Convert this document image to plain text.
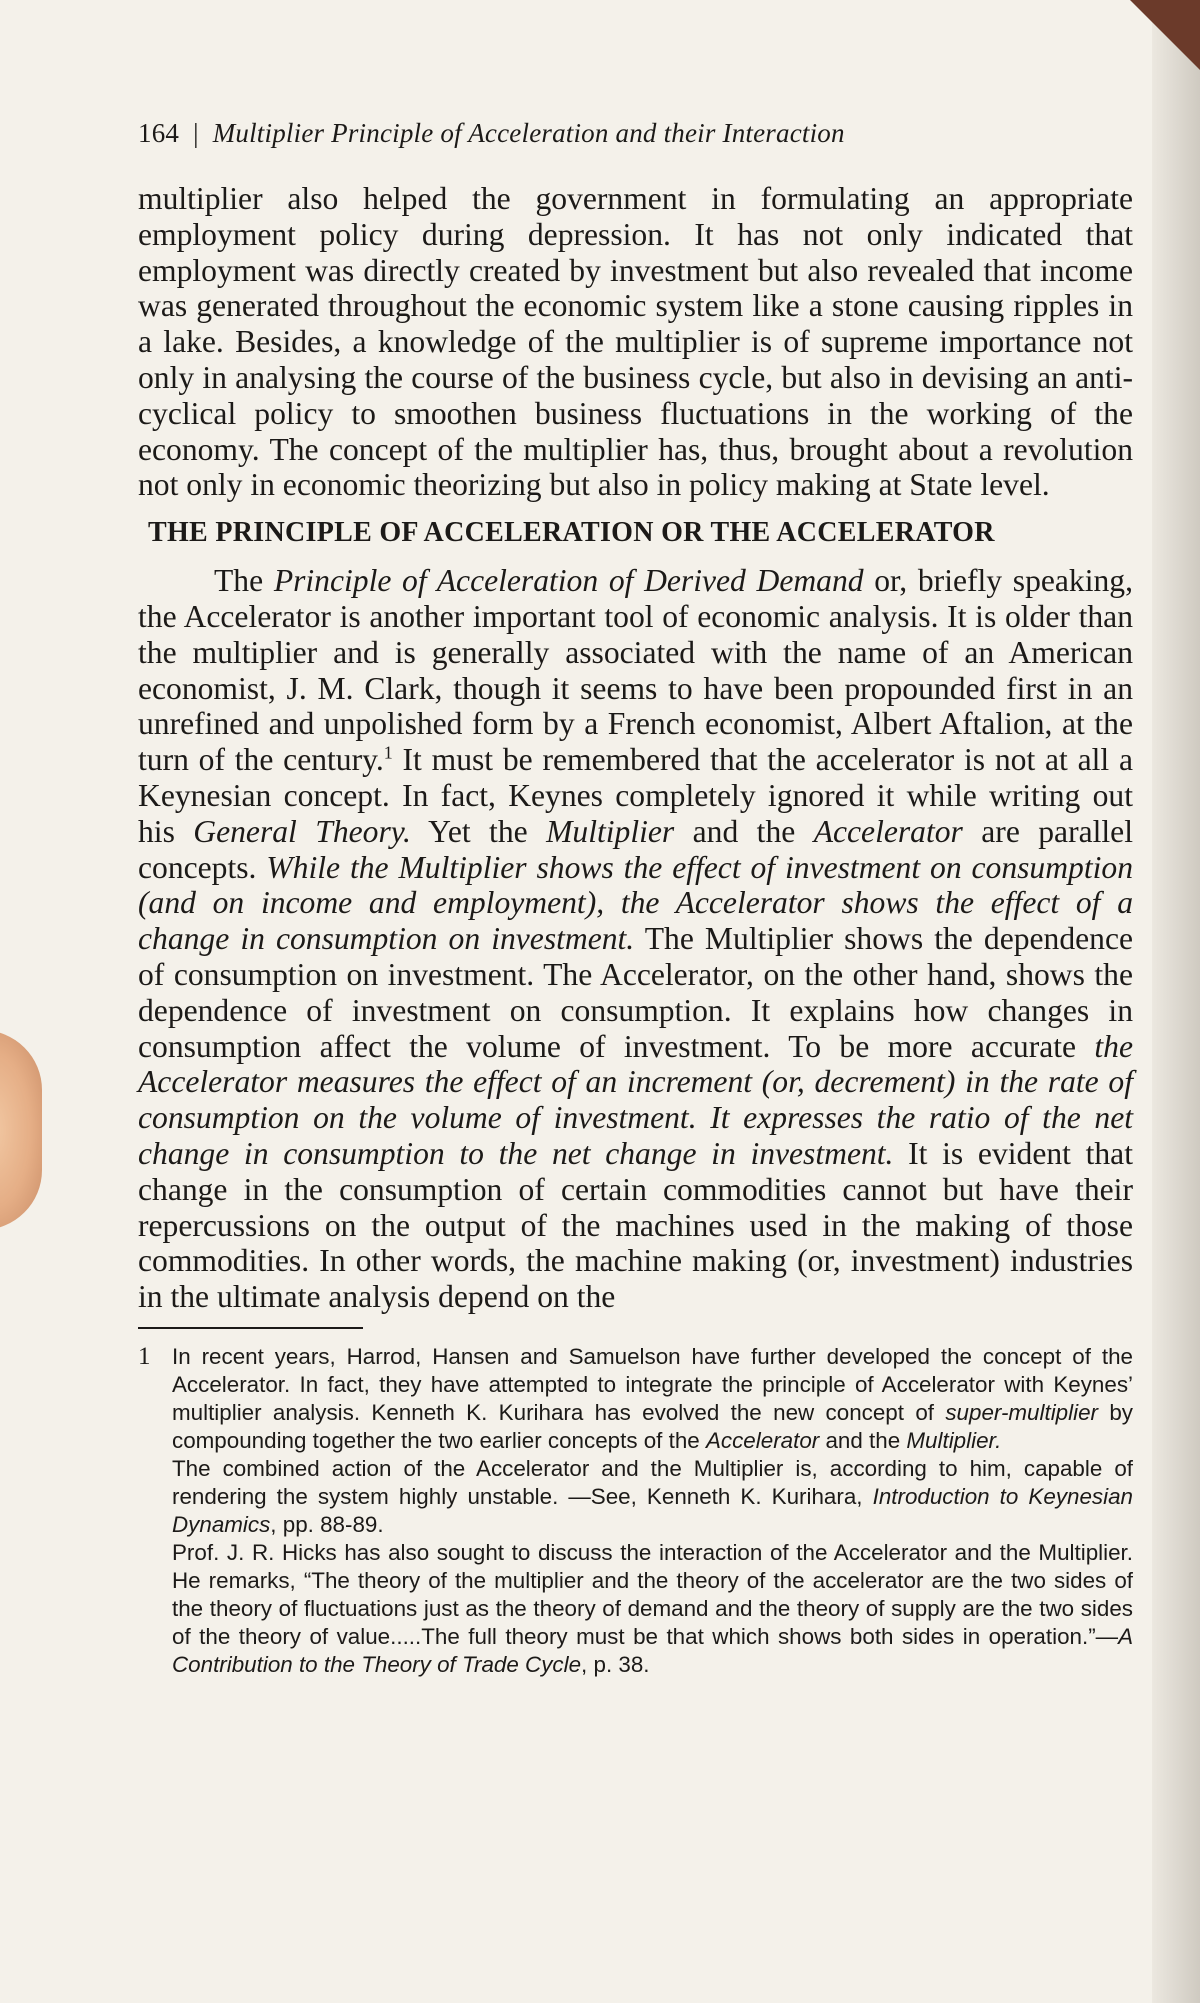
164 | Multiplier Principle of Acceleration and their Interaction

multiplier also helped the government in formulating an appropriate employment policy during depression. It has not only indicated that employment was directly created by investment but also revealed that income was generated throughout the economic system like a stone causing ripples in a lake. Besides, a knowledge of the multiplier is of supreme importance not only in analysing the course of the business cycle, but also in devising an anti-cyclical policy to smoothen business fluctuations in the working of the economy. The concept of the multiplier has, thus, brought about a revolution not only in economic theorizing but also in policy making at State level.

THE PRINCIPLE OF ACCELERATION OR THE ACCELERATOR

The Principle of Acceleration of Derived Demand or, briefly speaking, the Accelerator is another important tool of economic analysis. It is older than the multiplier and is generally associated with the name of an American economist, J. M. Clark, though it seems to have been propounded first in an unrefined and unpolished form by a French economist, Albert Aftalion, at the turn of the century.$^1$ It must be remembered that the accelerator is not at all a Keynesian concept. In fact, Keynes completely ignored it while writing out his General Theory. Yet the Multiplier and the Accelerator are parallel concepts. While the Multiplier shows the effect of investment on consumption (and on income and employment), the Accelerator shows the effect of a change in consumption on investment. The Multiplier shows the dependence of consumption on investment. The Accelerator, on the other hand, shows the dependence of investment on consumption. It explains how changes in consumption affect the volume of investment. To be more accurate the Accelerator measures the effect of an increment (or, decrement) in the rate of consumption on the volume of investment. It expresses the ratio of the net change in consumption to the net change in investment. It is evident that change in the consumption of certain commodities cannot but have their repercussions on the output of the machines used in the making of those commodities. In other words, the machine making (or, investment) industries in the ultimate analysis depend on the

1 In recent years, Harrod, Hansen and Samuelson have further developed the concept of the Accelerator. In fact, they have attempted to integrate the principle of Accelerator with Keynes’ multiplier analysis. Kenneth K. Kurihara has evolved the new concept of super-multiplier by compounding together the two earlier concepts of the Accelerator and the Multiplier.

The combined action of the Accelerator and the Multiplier is, according to him, capable of rendering the system highly unstable. —See, Kenneth K. Kurihara, Introduction to Keynesian Dynamics, pp. 88-89.

Prof. J. R. Hicks has also sought to discuss the interaction of the Accelerator and the Multiplier. He remarks, “The theory of the multiplier and the theory of the accelerator are the two sides of the theory of fluctuations just as the theory of demand and the theory of supply are the two sides of the theory of value.....The full theory must be that which shows both sides in operation.”—A Contribution to the Theory of Trade Cycle, p. 38.
